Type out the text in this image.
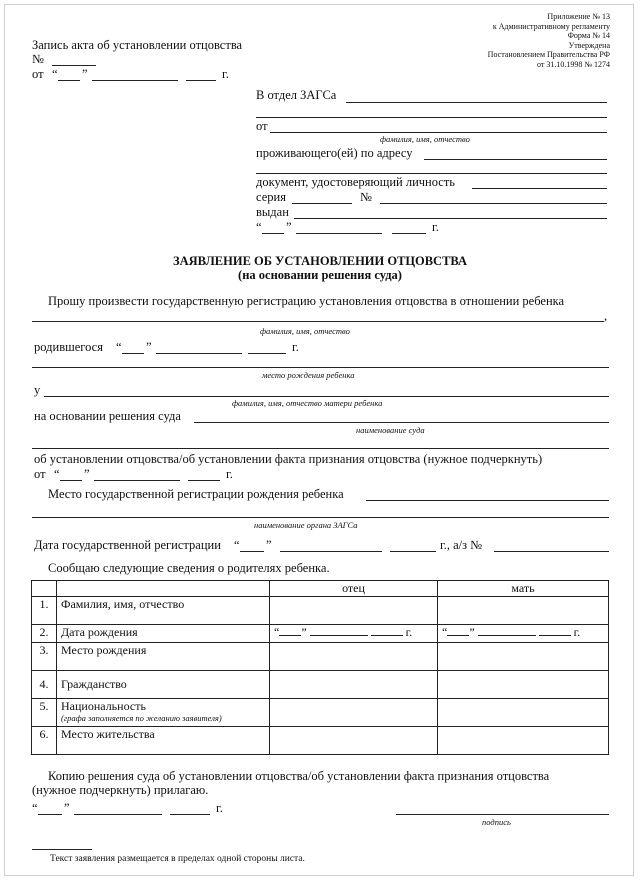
Приложение № 13
к Административному регламенту
Форма № 14
Утверждена
Постановлением Правительства РФ
от 31.10.1998 № 1274
Запись акта об установлении отцовства
№
от “ ”	г.
В отдел ЗАГСа
от
фамилия, имя, отчество
проживающего(ей) по адресу
документ, удостоверяющий личность
серия	№
выдан
“ ”	г.
ЗАЯВЛЕНИЕ ОБ УСТАНОВЛЕНИИ ОТЦОВСТВА
(на основании решения суда)
Прошу произвести государственную регистрацию установления отцовства в отношении ребенка
,
фамилия, имя, отчество
родившегося “ ”	г.
место рождения ребенка
у
фамилия, имя, отчество матери ребенка
на основании решения суда
наименование суда
об установлении отцовства/об установлении факта признания отцовства (нужное подчеркнуть)
от “ ”	г.
Место государственной регистрации рождения ребенка
наименование органа ЗАГСа
Дата государственной регистрации “ ”	г., а/з №
Сообщаю следующие сведения о родителях ребенка.
		отец	мать
1.	Фамилия, имя, отчество		
2.	Дата рождения	“ ” г.	“ ” г.
3.	Место рождения		
4.	Гражданство		
5.	Национальность
(графа заполняется по желанию заявителя)		

6.	Место жительства		
Копию решения суда об установлении отцовства/об установлении факта признания отцовства
(нужное подчеркнуть) прилагаю.
“ ”	г.
подпись
Текст заявления размещается в пределах одной стороны листа.
